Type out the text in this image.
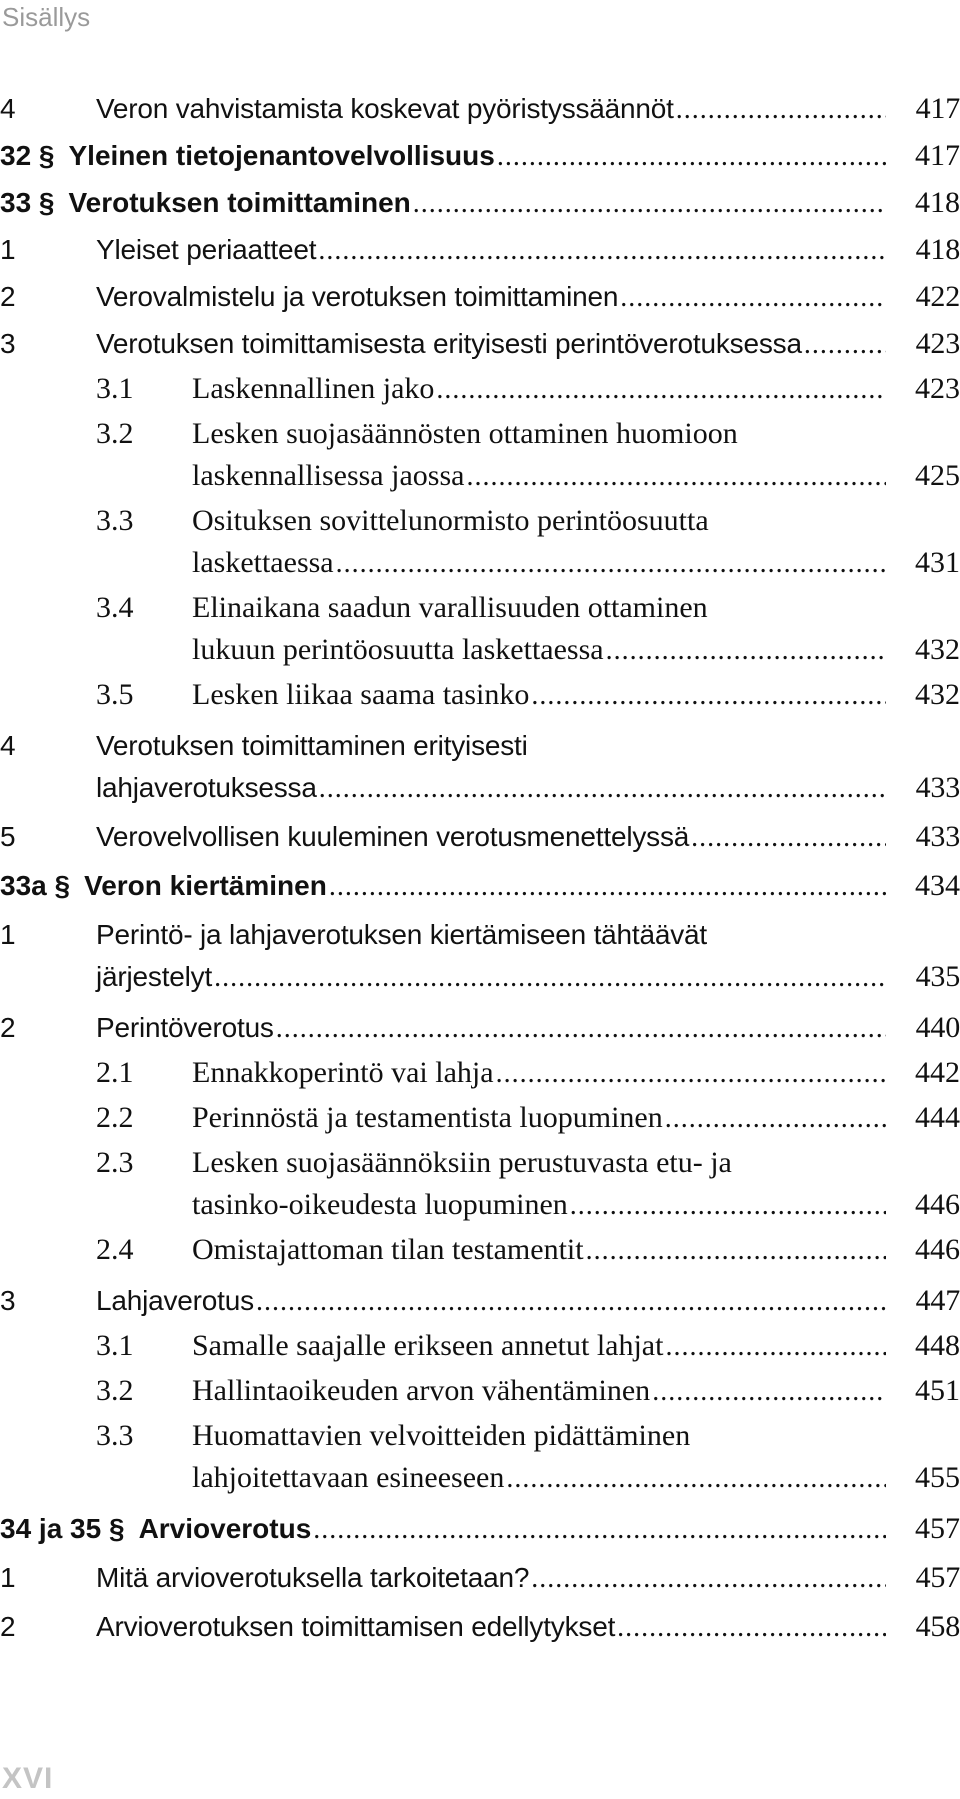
Sisällys
4	Veron vahvistamista koskevat pyöristyssäännöt . . .	417
32 § Yleinen tietojenantovelvollisuus . . .	417
33 § Verotuksen toimittaminen . . .	418
1	Yleiset periaatteet . . .	418
2	Verovalmistelu ja verotuksen toimittaminen . . .	422
3	Verotuksen toimittamisesta erityisesti perintöverotuksessa . . .	423
3.1	Laskennallinen jako . . .	423
3.2	Lesken suojasäännösten ottaminen huomioon
laskennallisessa jaossa . . .	425
3.3	Osituksen sovittelunormisto perintöosuutta
laskettaessa . . .	431
3.4	Elinaikana saadun varallisuuden ottaminen
lukuun perintöosuutta laskettaessa . . .	432
3.5	Lesken liikaa saama tasinko . . .	432
4	Verotuksen toimittaminen erityisesti
lahjaverotuksessa . . .	433
5	Verovelvollisen kuuleminen verotusmenettelyssä . . .	433
33a § Veron kiertäminen . . .	434
1	Perintö- ja lahjaverotuksen kiertämiseen tähtäävät
järjestelyt . . .	435
2	Perintöverotus . . .	440
2.1	Ennakkoperintö vai lahja . . .	442
2.2	Perinnöstä ja testamentista luopuminen . . .	444
2.3	Lesken suojasäännöksiin perustuvasta etu- ja
tasinko-oikeudesta luopuminen . . .	446
2.4	Omistajattoman tilan testamentit . . .	446
3	Lahjaverotus . . .	447
3.1	Samalle saajalle erikseen annetut lahjat . . .	448
3.2	Hallintaoikeuden arvon vähentäminen . . .	451
3.3	Huomattavien velvoitteiden pidättäminen
lahjoitettavaan esineeseen . . .	455
34 ja 35 § Arvioverotus . . .	457
1	Mitä arvioverotuksella tarkoitetaan? . . .	457
2	Arvioverotuksen toimittamisen edellytykset . . .	458
XVI
